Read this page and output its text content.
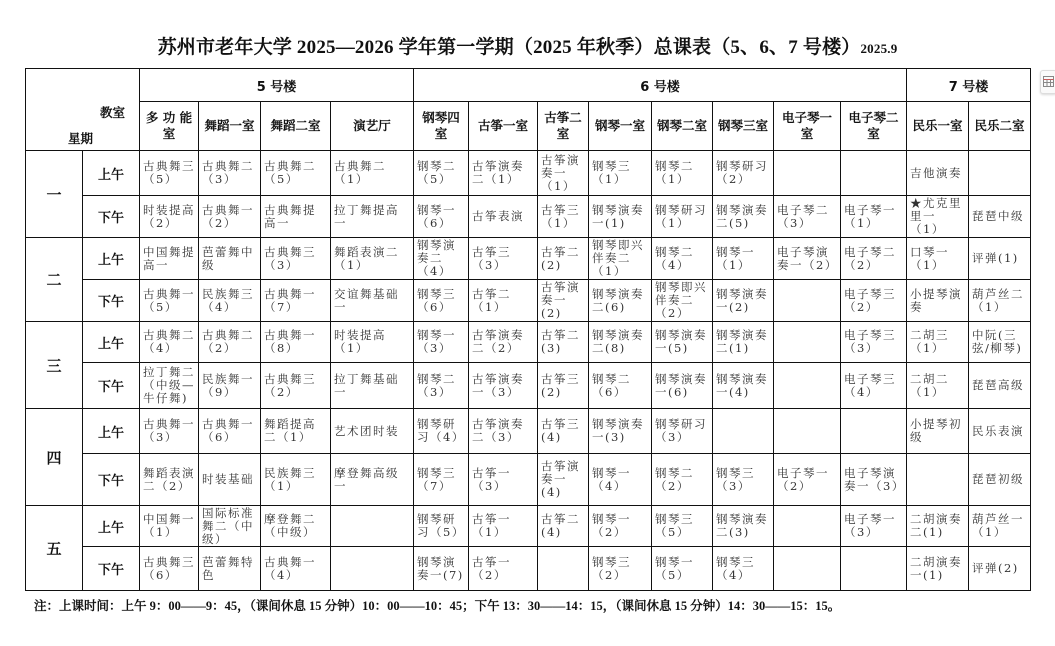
苏州市老年大学 2025—2026 学年第一学期（2025 年秋季）总课表（5、6、7 号楼）2025.9
教室
星期		5 号楼				6 号楼								7 号楼	
		多 功 能 室	舞蹈一室	舞蹈二室	演艺厅	钢琴四室	古筝一室	古筝二室	钢琴一室	钢琴二室	钢琴三室	电子琴一室	电子琴二室	民乐一室	民乐二室
一	上午	古典舞三（5）	古典舞二（3）	古典舞二（5）	古典舞二（1）	钢琴二（5）	古筝演奏二（1）	古筝演奏一（1）	钢琴三（1）	钢琴二（1）	钢琴研习（2）			吉他演奏	
	下午	时装提高（2）	古典舞一（2）	古典舞提高一	拉丁舞提高一	钢琴一（6）	古筝表演	古筝三（1）	钢琴演奏一(1)	钢琴研习（1）	钢琴演奏二(5)	电子琴二（3）	电子琴一（1）	★尤克里里一（1）	琵琶中级
二	上午	中国舞提高一	芭蕾舞中级	古典舞三（3）	舞蹈表演二（1）	钢琴演奏二（4）	古筝三（3）	古筝二(2)	钢琴即兴伴奏二（1）	钢琴二（4）	钢琴一（1）	电子琴演奏一（2）	电子琴二（2）	口琴一（1）	评弹(1)
	下午	古典舞一（5）	民族舞三（4）	古典舞一（7）	交谊舞基础一	钢琴三（6）	古筝二（1）	古筝演奏一(2)	钢琴演奏二(6)	钢琴即兴伴奏二（2）	钢琴演奏一(2)		电子琴三（2）	小提琴演奏	葫芦丝二（1）
三	上午	古典舞二（4）	古典舞二（2）	古典舞一（8）	时装提高（1）	钢琴一（3）	古筝演奏二（2）	古筝二(3)	钢琴演奏二(8)	钢琴演奏一(5)	钢琴演奏二(1)		电子琴三（3）	二胡三（1）	中阮(三弦/柳琴)
	下午	拉丁舞二（中级—牛仔舞)	民族舞一（9）	古典舞三（2）	拉丁舞基础一	钢琴二（3）	古筝演奏一（3）	古筝三(2)	钢琴二（6）	钢琴演奏一(6)	钢琴演奏一(4)		电子琴三（4）	二胡二（1）	琵琶高级
四	上午	古典舞一（3）	古典舞一（6）	舞蹈提高二（1）	艺术团时装	钢琴研习（4）	古筝演奏二（3）	古筝三(4)	钢琴演奏一(3)	钢琴研习（3）				小提琴初级	民乐表演
	下午	舞蹈表演二（2）	时装基础	民族舞三（1）	摩登舞高级一	钢琴三（7）	古筝一（3）	古筝演奏一(4)	钢琴一（4）	钢琴二（2）	钢琴三（3）	电子琴一（2）	电子琴演奏一（3）		琵琶初级
五	上午	中国舞一（1）	国际标准舞二（中级）	摩登舞二（中级）		钢琴研习（5）	古筝一（1）	古筝二(4)	钢琴一（2）	钢琴三（5）	钢琴演奏二(3)		电子琴一（3）	二胡演奏二(1)	葫芦丝一（1）
	下午	古典舞三（6）	芭蕾舞特色	古典舞一（4）		钢琴演奏一(7)	古筝一（2）		钢琴三（2）	钢琴一（5）	钢琴三（4）			二胡演奏一(1)	评弹(2)
注：上课时间：上午 9：00——9：45，（课间休息 15 分钟）10：00——10：45；下午 13：30——14：15，（课间休息 15 分钟）14：30——15：15。
